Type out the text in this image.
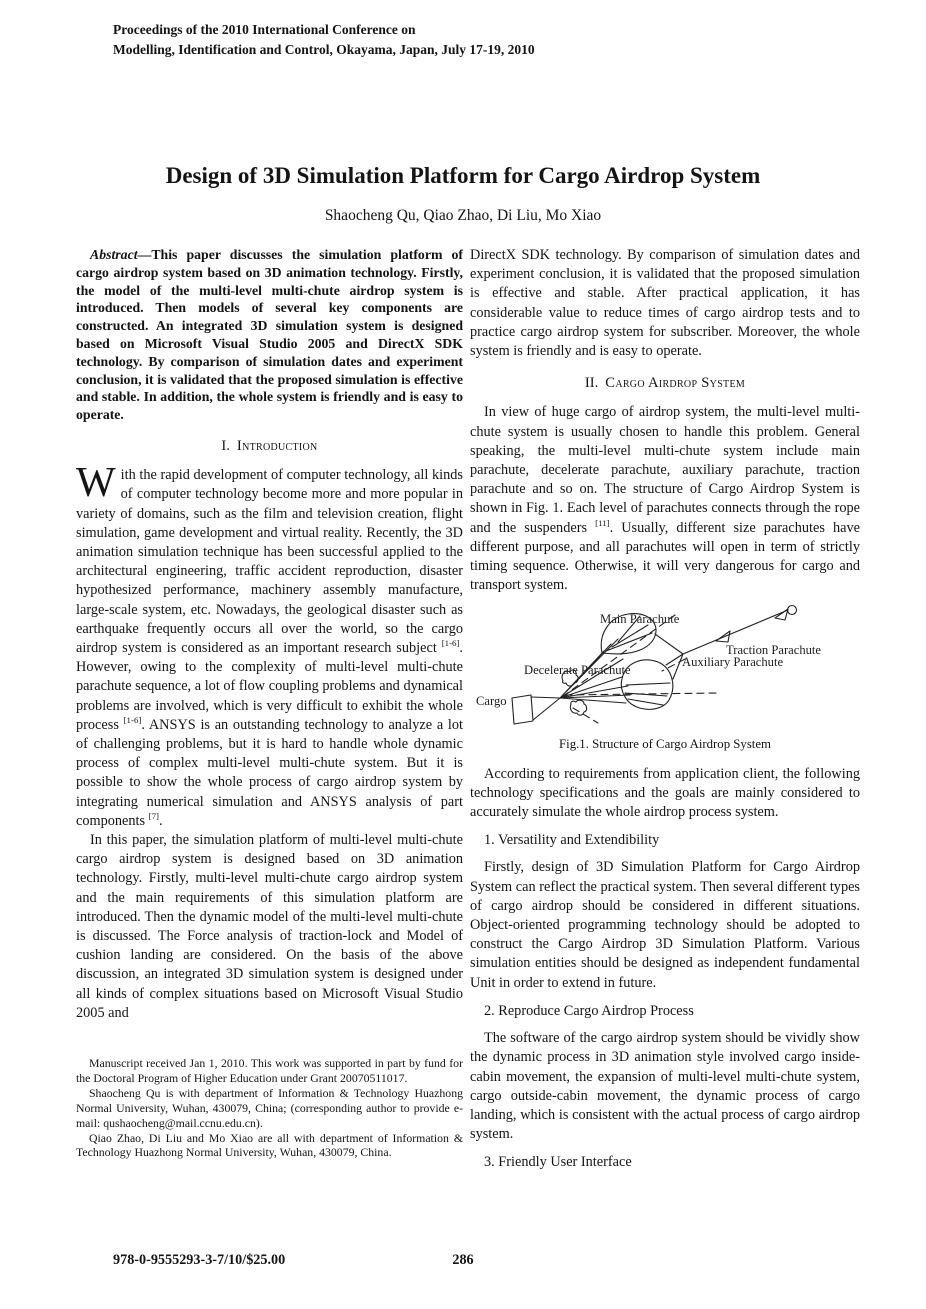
Proceedings of the 2010 International Conference on
Modelling, Identification and Control, Okayama, Japan, July 17-19, 2010
Design of 3D Simulation Platform for Cargo Airdrop System
Shaocheng Qu, Qiao Zhao, Di Liu, Mo Xiao

Abstract—This paper discusses the simulation platform of cargo airdrop system based on 3D animation technology. Firstly, the model of the multi-level multi-chute airdrop system is introduced. Then models of several key components are constructed. An integrated 3D simulation system is designed based on Microsoft Visual Studio 2005 and DirectX SDK technology. By comparison of simulation dates and experiment conclusion, it is validated that the proposed simulation is effective and stable. In addition, the whole system is friendly and is easy to operate.

I. Introduction

With the rapid development of computer technology, all kinds of computer technology become more and more popular in variety of domains, such as the film and television creation, flight simulation, game development and virtual reality. Recently, the 3D animation simulation technique has been successful applied to the architectural engineering, traffic accident reproduction, disaster hypothesized performance, machinery assembly manufacture, large-scale system, etc. Nowadays, the geological disaster such as earthquake frequently occurs all over the world, so the cargo airdrop system is considered as an important research subject [1-6]. However, owing to the complexity of multi-level multi-chute parachute sequence, a lot of flow coupling problems and dynamical problems are involved, which is very difficult to exhibit the whole process [1-6]. ANSYS is an outstanding technology to analyze a lot of challenging problems, but it is hard to handle whole dynamic process of complex multi-level multi-chute system. But it is possible to show the whole process of cargo airdrop system by integrating numerical simulation and ANSYS analysis of part components [7].

In this paper, the simulation platform of multi-level multi-chute cargo airdrop system is designed based on 3D animation technology. Firstly, multi-level multi-chute cargo airdrop system and the main requirements of this simulation platform are introduced. Then the dynamic model of the multi-level multi-chute is discussed. The Force analysis of traction-lock and Model of cushion landing are considered. On the basis of the above discussion, an integrated 3D simulation system is designed under all kinds of complex situations based on Microsoft Visual Studio 2005 and

DirectX SDK technology. By comparison of simulation dates and experiment conclusion, it is validated that the proposed simulation is effective and stable. After practical application, it has considerable value to reduce times of cargo airdrop tests and to practice cargo airdrop system for subscriber. Moreover, the whole system is friendly and is easy to operate.

II. Cargo Airdrop System

In view of huge cargo of airdrop system, the multi-level multi-chute system is usually chosen to handle this problem. General speaking, the multi-level multi-chute system include main parachute, decelerate parachute, auxiliary parachute, traction parachute and so on. The structure of Cargo Airdrop System is shown in Fig. 1. Each level of parachutes connects through the rope and the suspenders [11]. Usually, different size parachutes have different purpose, and all parachutes will open in term of strictly timing sequence. Otherwise, it will very dangerous for cargo and transport system.

Main Parachute
Decelerate Parachute
Cargo
Auxiliary Parachute
Traction Parachute
Fig.1. Structure of Cargo Airdrop System

According to requirements from application client, the following technology specifications and the goals are mainly considered to accurately simulate the whole airdrop process system.

1. Versatility and Extendibility

Firstly, design of 3D Simulation Platform for Cargo Airdrop System can reflect the practical system. Then several different types of cargo airdrop should be considered in different situations. Object-oriented programming technology should be adopted to construct the Cargo Airdrop 3D Simulation Platform. Various simulation entities should be designed as independent fundamental Unit in order to extend in future.

2. Reproduce Cargo Airdrop Process

The software of the cargo airdrop system should be vividly show the dynamic process in 3D animation style involved cargo inside-cabin movement, the expansion of multi-level multi-chute system, cargo outside-cabin movement, the dynamic process of cargo landing, which is consistent with the actual process of cargo airdrop system.

3. Friendly User Interface

Manuscript received Jan 1, 2010. This work was supported in part by fund for the Doctoral Program of Higher Education under Grant 20070511017.

Shaocheng Qu is with department of Information & Technology Huazhong Normal University, Wuhan, 430079, China; (corresponding author to provide e-mail: qushaocheng@mail.ccnu.edu.cn).

Qiao Zhao, Di Liu and Mo Xiao are all with department of Information & Technology Huazhong Normal University, Wuhan, 430079, China.

978-0-9555293-3-7/10/$25.00	286
